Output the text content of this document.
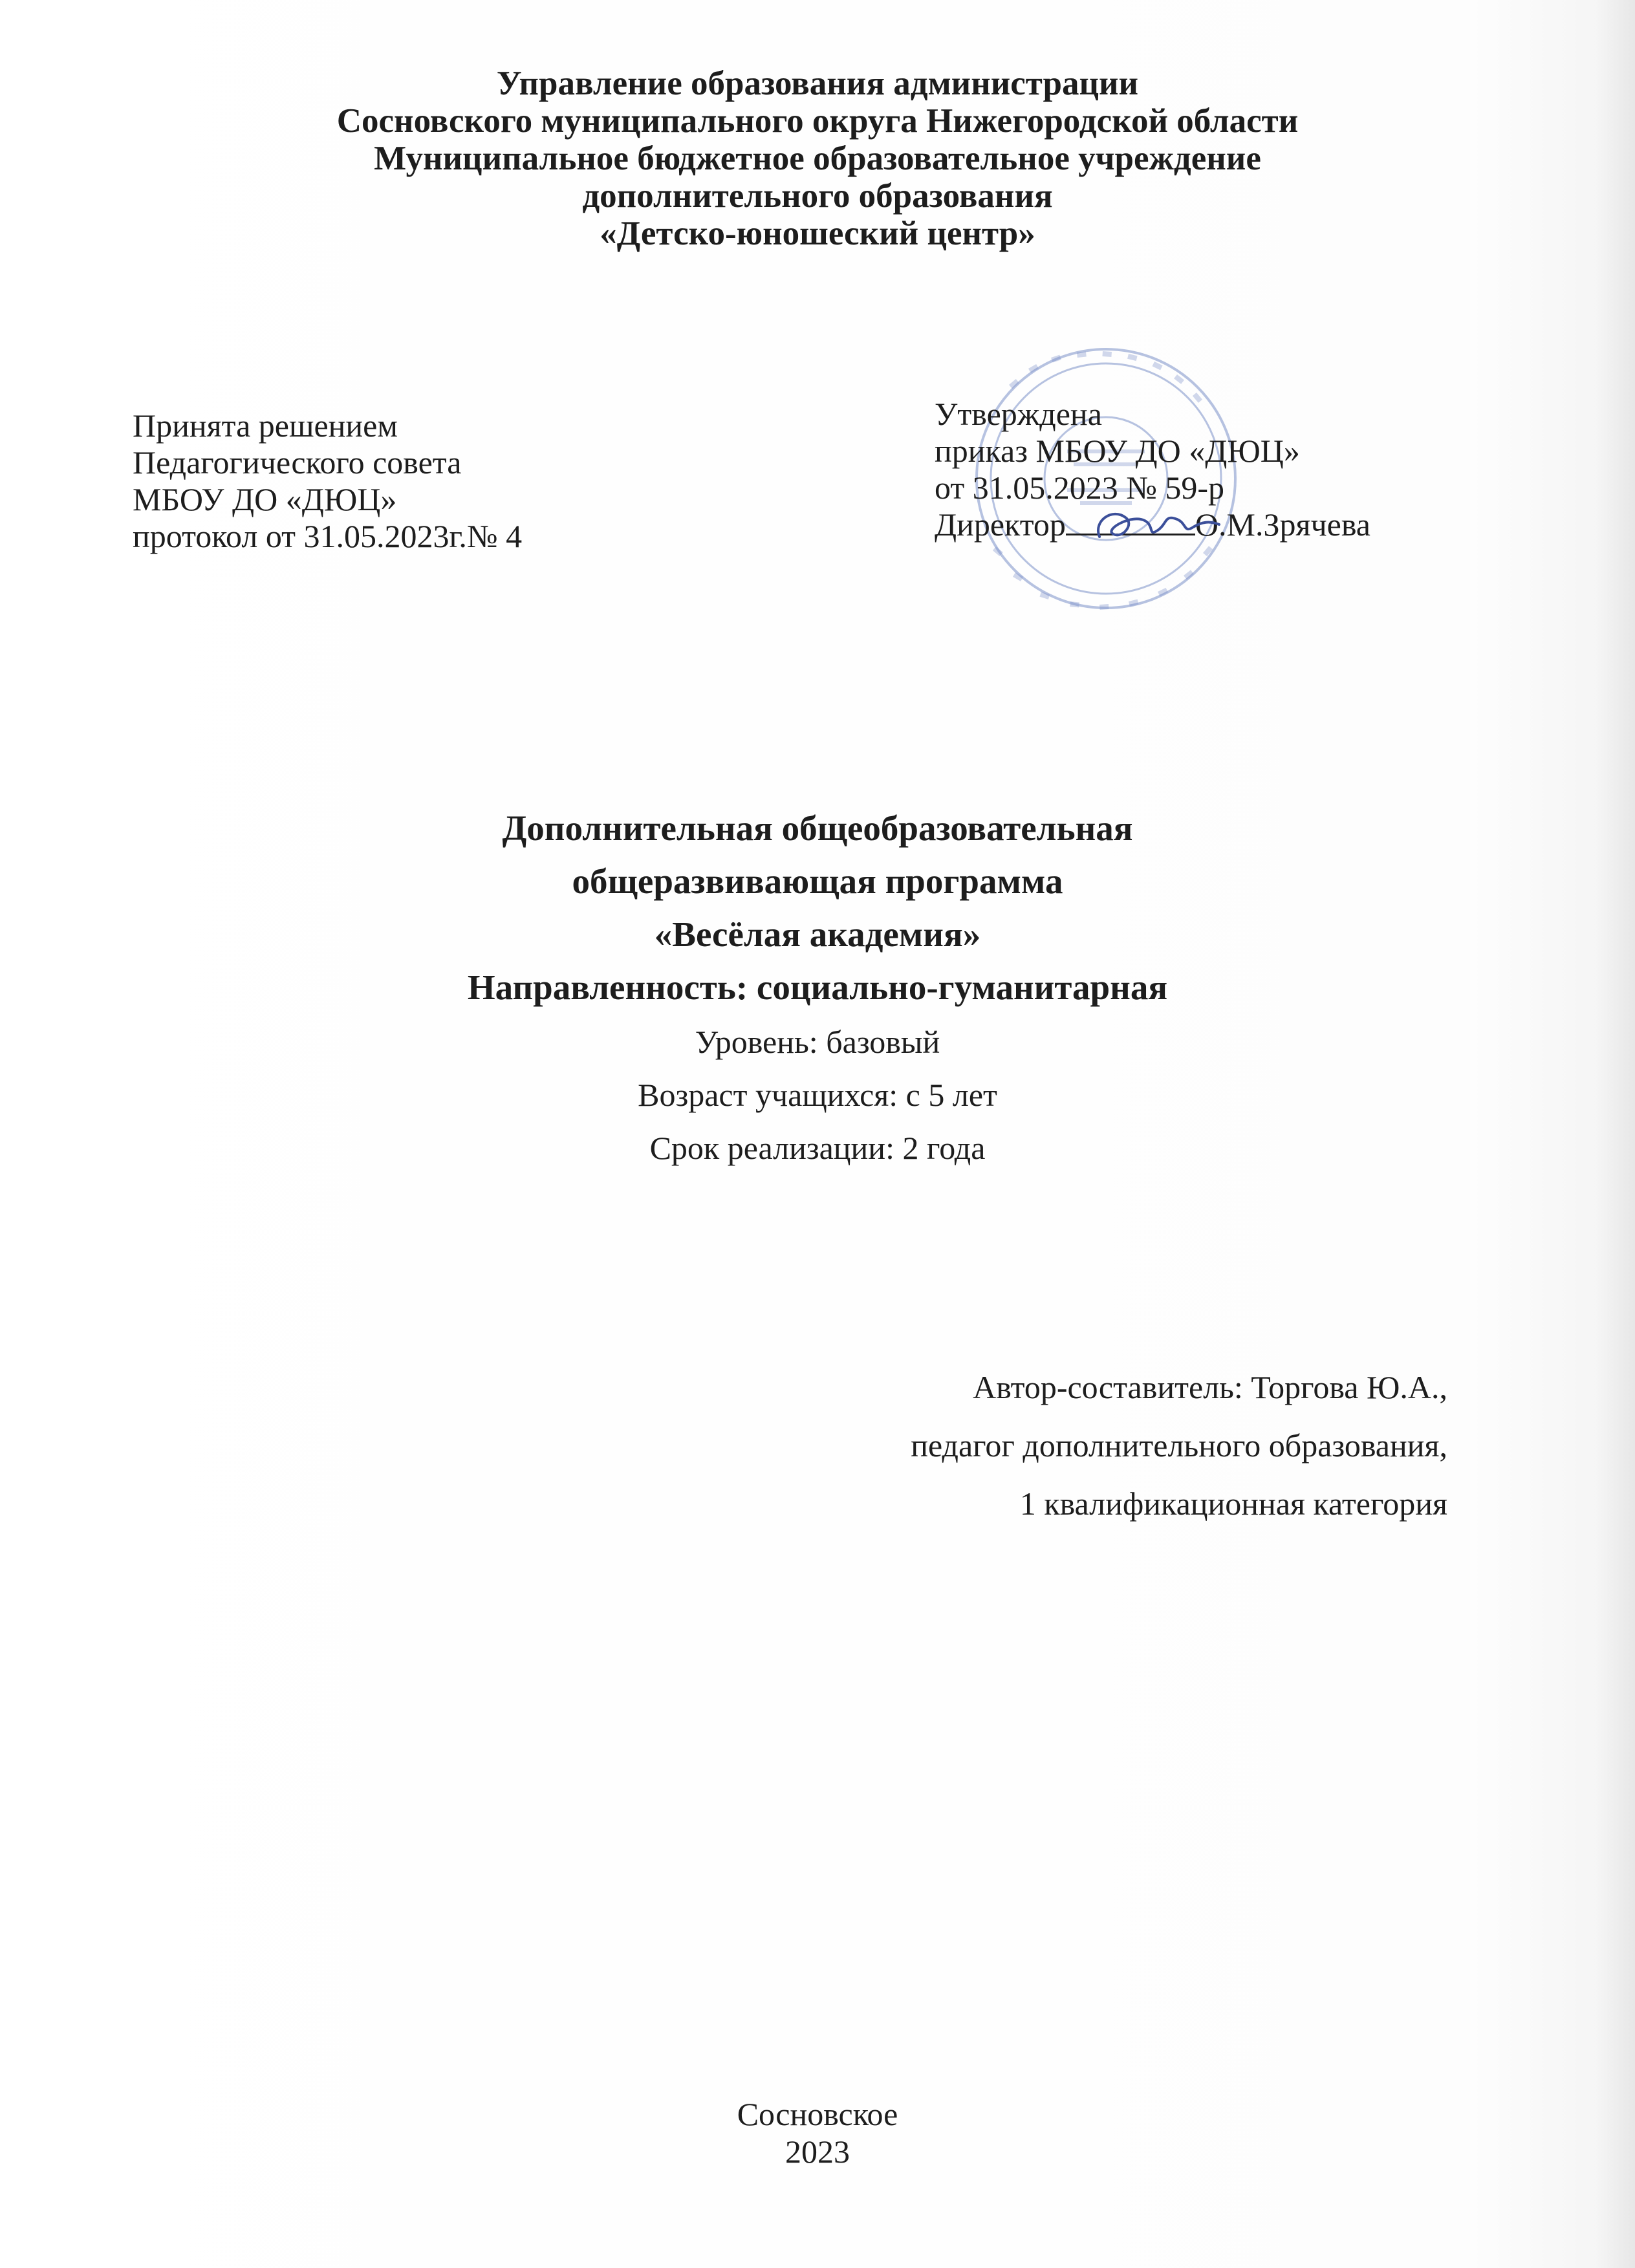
Управление образования администрации
Сосновского муниципального округа Нижегородской области
Муниципальное бюджетное образовательное учреждение
дополнительного образования
«Детско-юношеский центр»
Принята решением
Педагогического совета
МБОУ ДО «ДЮЦ»
протокол от 31.05.2023г.№ 4
Утверждена
приказ МБОУ ДО «ДЮЦ»
от 31.05.2023 № 59-р
Директор	О.М.Зрячева
Дополнительная общеобразовательная
общеразвивающая программа
«Весёлая академия»
Направленность: социально-гуманитарная
Уровень: базовый
Возраст учащихся: с 5 лет
Срок реализации: 2 года
Автор-составитель: Торгова Ю.А.,
педагог дополнительного образования,
1 квалификационная категория
Сосновское
2023
